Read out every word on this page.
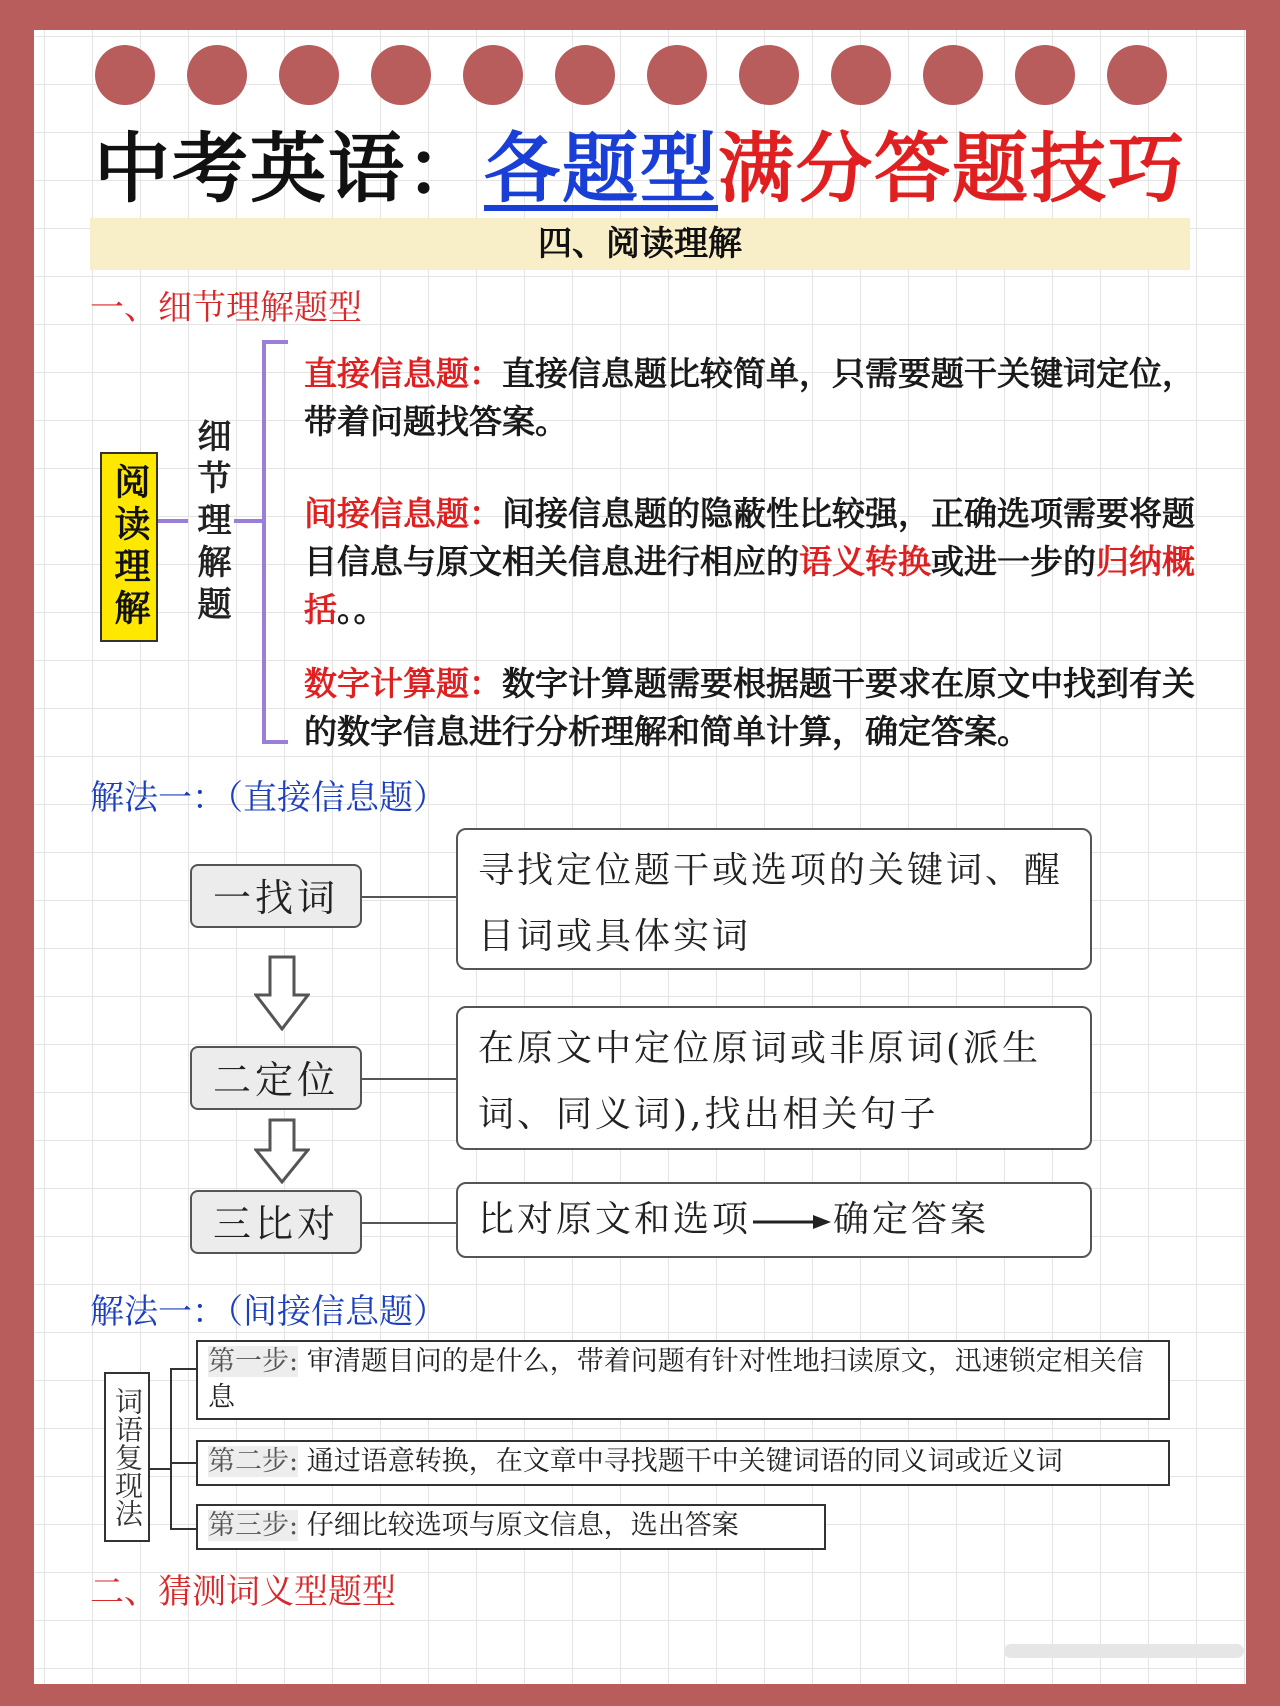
中考英语：各题型满分答题技巧
四、阅读理解
一、细节理解题型
阅读理解 细节理解题
直接信息题：直接信息题比较简单，只需要题干关键词定位，带着问题找答案。
间接信息题：间接信息题的隐蔽性比较强，正确选项需要将题目信息与原文相关信息进行相应的语义转换或进一步的归纳概括。。
数字计算题：数字计算题需要根据题干要求在原文中找到有关的数字信息进行分析理解和简单计算，确定答案。
解法一：（直接信息题）
一找词
寻找定位题干或选项的关键词、醒目词或具体实词
二定位
在原文中定位原词或非原词(派生词、同义词),找出相关句子
三比对	比对原文和选项 确定答案
解法一：（间接信息题）
词语复现法
第一步: 审清题目问的是什么，带着问题有针对性地扫读原文，迅速锁定相关信息
第二步: 通过语意转换，在文章中寻找题干中关键词语的同义词或近义词
第三步: 仔细比较选项与原文信息，选出答案
二、猜测词义型题型
